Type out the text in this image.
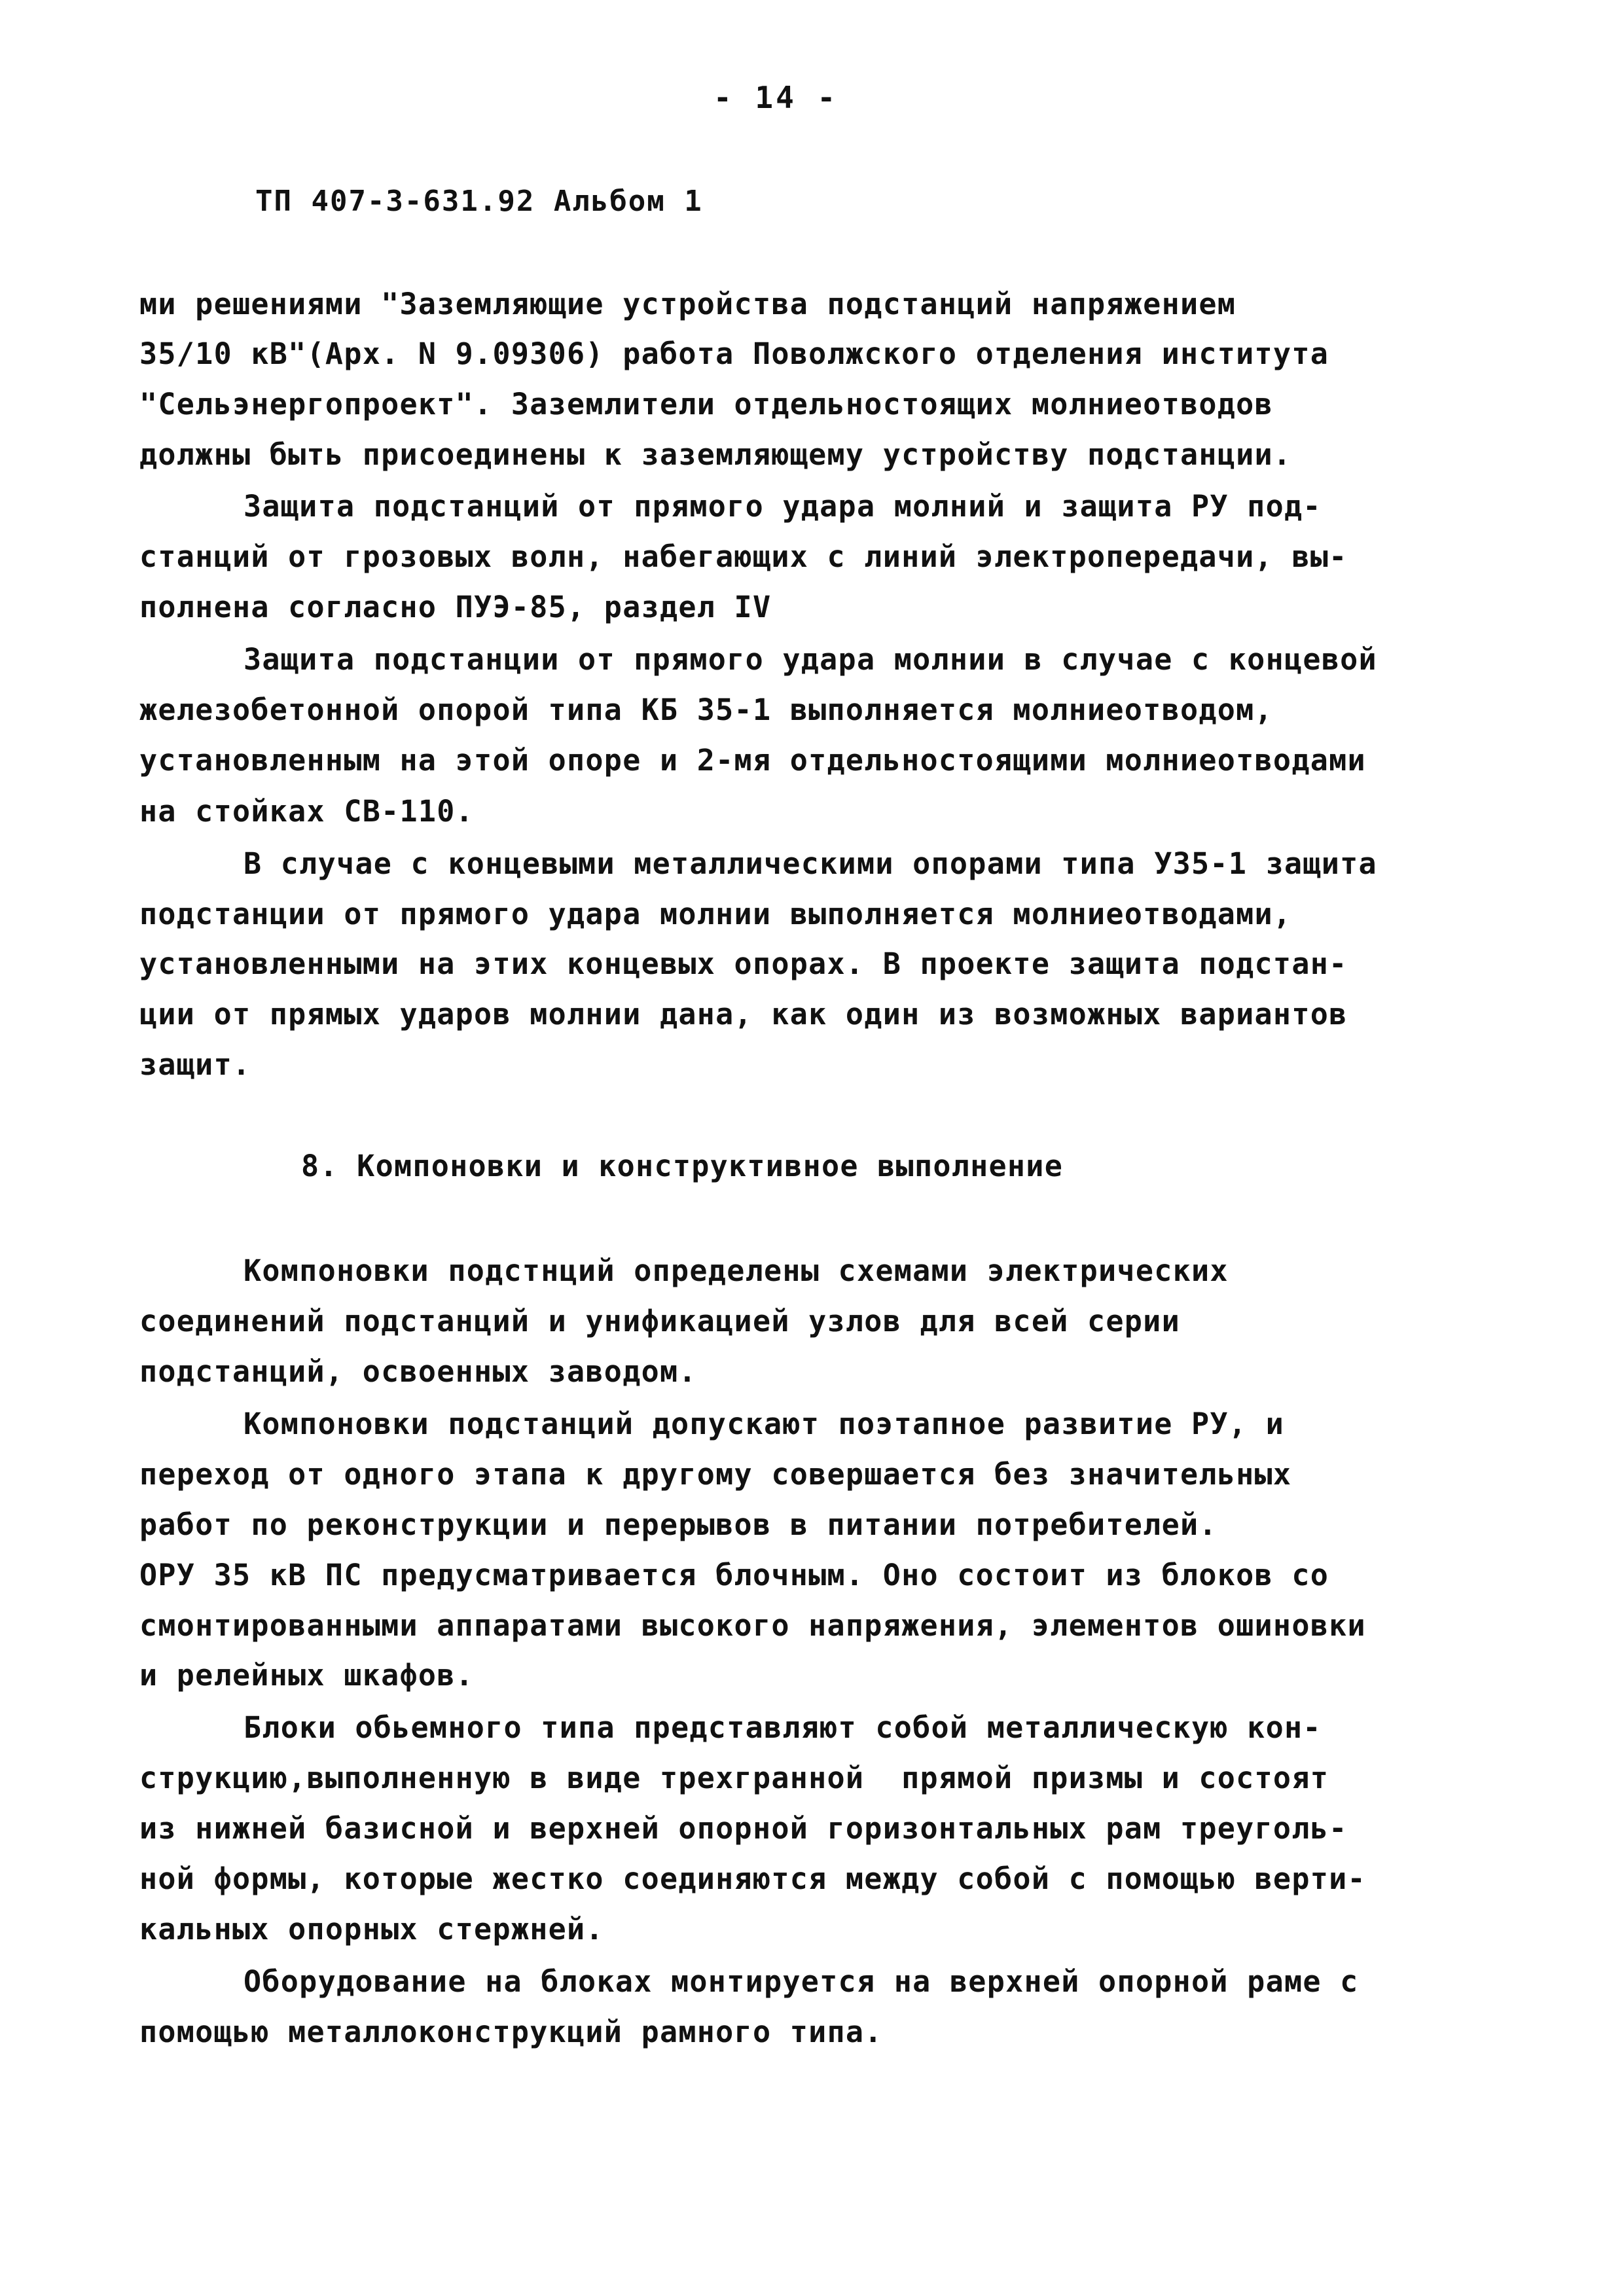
- 14 -
ТП 407-3-631.92 Альбом 1
ми решениями "Заземляющие устройства подстанций напряжением
35/10 кВ"(Арх. N 9.09306) работа Поволжского отделения института
"Сельэнергопроект". Заземлители отдельностоящих молниеотводов
должны быть присоединены к заземляющему устройству подстанции.
Защита подстанций от прямого удара молний и защита РУ под-
станций от грозовых волн, набегающих с линий электропередачи, вы-
полнена согласно ПУЭ-85, раздел IV
Защита подстанции от прямого удара молнии в случае с концевой
железобетонной опорой типа КБ 35-1 выполняется молниеотводом,
установленным на этой опоре и 2-мя отдельностоящими молниеотводами
на стойках СВ-110.
В случае с концевыми металлическими опорами типа У35-1 защита
подстанции от прямого удара молнии выполняется молниеотводами,
установленными на этих концевых опорах. В проекте защита подстан-
ции от прямых ударов молнии дана, как один из возможных вариантов
защит.
8. Компоновки и конструктивное выполнение
Компоновки подстнций определены схемами электрических
соединений подстанций и унификацией узлов для всей серии
подстанций, освоенных заводом.
Компоновки подстанций допускают поэтапное развитие РУ, и
переход от одного этапа к другому совершается без значительных
работ по реконструкции и перерывов в питании потребителей.
ОРУ 35 кВ ПС предусматривается блочным. Оно состоит из блоков со
смонтированными аппаратами высокого напряжения, элементов ошиновки
и релейных шкафов.
Блоки обьемного типа представляют собой металлическую кон-
струкцию,выполненную в виде трехгранной  прямой призмы и состоят
из нижней базисной и верхней опорной горизонтальных рам треуголь-
ной формы, которые жестко соединяются между собой с помощью верти-
кальных опорных стержней.
Оборудование на блоках монтируется на верхней опорной раме с
помощью металлоконструкций рамного типа.
